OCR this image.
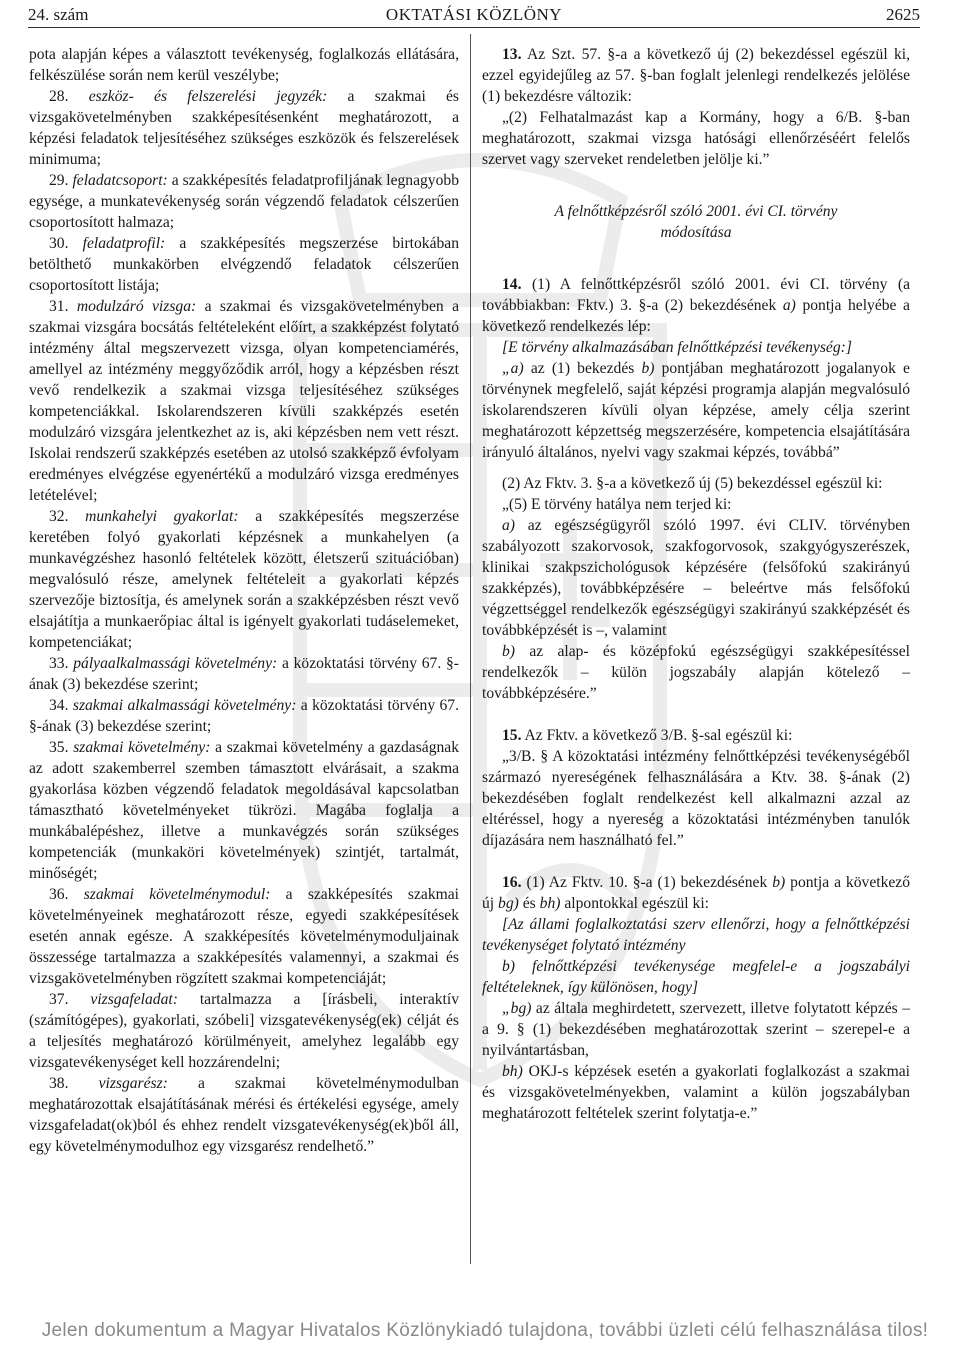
24. szám	OKTATÁSI KÖZLÖNY	2625

pota alapján képes a választott tevékenység, foglalkozás ellátására, felkészülése során nem kerül veszélybe;

28. eszköz- és felszerelési jegyzék: a szakmai és vizsgakövetelményben szakképesítésenként meghatározott, a képzési feladatok teljesítéséhez szükséges eszközök és felszerelések minimuma;

29. feladatcsoport: a szakképesítés feladatprofiljának legnagyobb egysége, a munkatevékenység során végzendő feladatok célszerűen csoportosított halmaza;

30. feladatprofil: a szakképesítés megszerzése birtokában betölthető munkakörben elvégzendő feladatok célszerűen csoportosított listája;

31. modulzáró vizsga: a szakmai és vizsgakövetelményben a szakmai vizsgára bocsátás feltételeként előírt, a szakképzést folytató intézmény által megszervezett vizsga, olyan kompetenciamérés, amellyel az intézmény meggyőződik arról, hogy a képzésben részt vevő rendelkezik a szakmai vizsga teljesítéséhez szükséges kompetenciákkal. Iskolarendszeren kívüli szakképzés esetén modulzáró vizsgára jelentkezhet az is, aki képzésben nem vett részt. Iskolai rendszerű szakképzés esetében az utolsó szakképző évfolyam eredményes elvégzése egyenértékű a modulzáró vizsga eredményes letételével;

32. munkahelyi gyakorlat: a szakképesítés megszerzése keretében folyó gyakorlati képzésnek a munkahelyen (a munkavégzéshez hasonló feltételek között, életszerű szituációban) megvalósuló része, amelynek feltételeit a gyakorlati képzés szervezője biztosítja, és amelynek során a szakképzésben részt vevő elsajátítja a munkaerőpiac által is igényelt gyakorlati tudáselemeket, kompetenciákat;

33. pályaalkalmassági követelmény: a közoktatási törvény 67. §-ának (3) bekezdése szerint;

34. szakmai alkalmassági követelmény: a közoktatási törvény 67. §-ának (3) bekezdése szerint;

35. szakmai követelmény: a szakmai követelmény a gazdaságnak az adott szakemberrel szemben támasztott elvárásait, a szakma gyakorlása közben végzendő feladatok megoldásával kapcsolatban támasztható követelményeket tükrözi. Magába foglalja a munkábalépéshez, illetve a munkavégzés során szükséges kompetenciák (munkaköri követelmények) szintjét, tartalmát, minőségét;

36. szakmai követelménymodul: a szakképesítés szakmai követelményeinek meghatározott része, egyedi szakképesítések esetén annak egésze. A szakképesítés követelménymoduljainak összessége tartalmazza a szakképesítés valamennyi, a szakmai és vizsgakövetelményben rögzített szakmai kompetenciáját;

37. vizsgafeladat: tartalmazza a [írásbeli, interaktív (számítógépes), gyakorlati, szóbeli] vizsgatevékenység(ek) célját és a teljesítés meghatározó körülményeit, amelyhez legalább egy vizsgatevékenységet kell hozzárendelni;

38. vizsgarész: a szakmai követelménymodulban meghatározottak elsajátításának mérési és értékelési egysége, amely vizsgafeladat(ok)ból és ehhez rendelt vizsgatevékenység(ek)ből áll, egy követelménymodulhoz egy vizsgarész rendelhető.”

13. Az Szt. 57. §-a a következő új (2) bekezdéssel egészül ki, ezzel egyidejűleg az 57. §-ban foglalt jelenlegi rendelkezés jelölése (1) bekezdésre változik:

„(2) Felhatalmazást kap a Kormány, hogy a 6/B. §-ban meghatározott, szakmai vizsga hatósági ellenőrzéséért felelős szervet vagy szerveket rendeletben jelölje ki.”

A felnőttképzésről szóló 2001. évi CI. törvény

módosítása

14. (1) A felnőttképzésről szóló 2001. évi CI. törvény (a továbbiakban: Fktv.) 3. §-a (2) bekezdésének a) pontja helyébe a következő rendelkezés lép:

[E törvény alkalmazásában felnőttképzési tevékenység:]

„a) az (1) bekezdés b) pontjában meghatározott jogalanyok e törvénynek megfelelő, saját képzési programja alapján megvalósuló iskolarendszeren kívüli olyan képzése, amely célja szerint meghatározott képzettség megszerzésére, kompetencia elsajátítására irányuló általános, nyelvi vagy szakmai képzés, továbbá”

(2) Az Fktv. 3. §-a a következő új (5) bekezdéssel egészül ki:

„(5) E törvény hatálya nem terjed ki:

a) az egészségügyről szóló 1997. évi CLIV. törvényben szabályozott szakorvosok, szakfogorvosok, szakgyógyszerészek, klinikai szakpszichológusok képzésére (felsőfokú szakirányú szakképzés), továbbképzésére – beleértve más felsőfokú végzettséggel rendelkezők egészségügyi szakirányú szakképzését és továbbképzését is –, valamint

b) az alap- és középfokú egészségügyi szakképesítéssel rendelkezők – külön jogszabály alapján kötelező – továbbképzésére.”

15. Az Fktv. a következő 3/B. §-sal egészül ki:

„3/B. § A közoktatási intézmény felnőttképzési tevékenységéből származó nyereségének felhasználására a Ktv. 38. §-ának (2) bekezdésében foglalt rendelkezést kell alkalmazni azzal az eltéréssel, hogy a nyereség a közoktatási intézményben tanulók díjazására nem használható fel.”

16. (1) Az Fktv. 10. §-a (1) bekezdésének b) pontja a következő új bg) és bh) alpontokkal egészül ki:

[Az állami foglalkoztatási szerv ellenőrzi, hogy a felnőttképzési tevékenységet folytató intézmény

b) felnőttképzési tevékenysége megfelel-e a jogszabályi feltételeknek, így különösen, hogy]

„bg) az általa meghirdetett, szervezett, illetve folytatott képzés – a 9. § (1) bekezdésében meghatározottak szerint – szerepel-e a nyilvántartásban,

bh) OKJ-s képzések esetén a gyakorlati foglalkozást a szakmai és vizsgakövetelményekben, valamint a külön jogszabályban meghatározott feltételek szerint folytatja-e.”

Jelen dokumentum a Magyar Hivatalos Közlönykiadó tulajdona, további üzleti célú felhasználása tilos!
